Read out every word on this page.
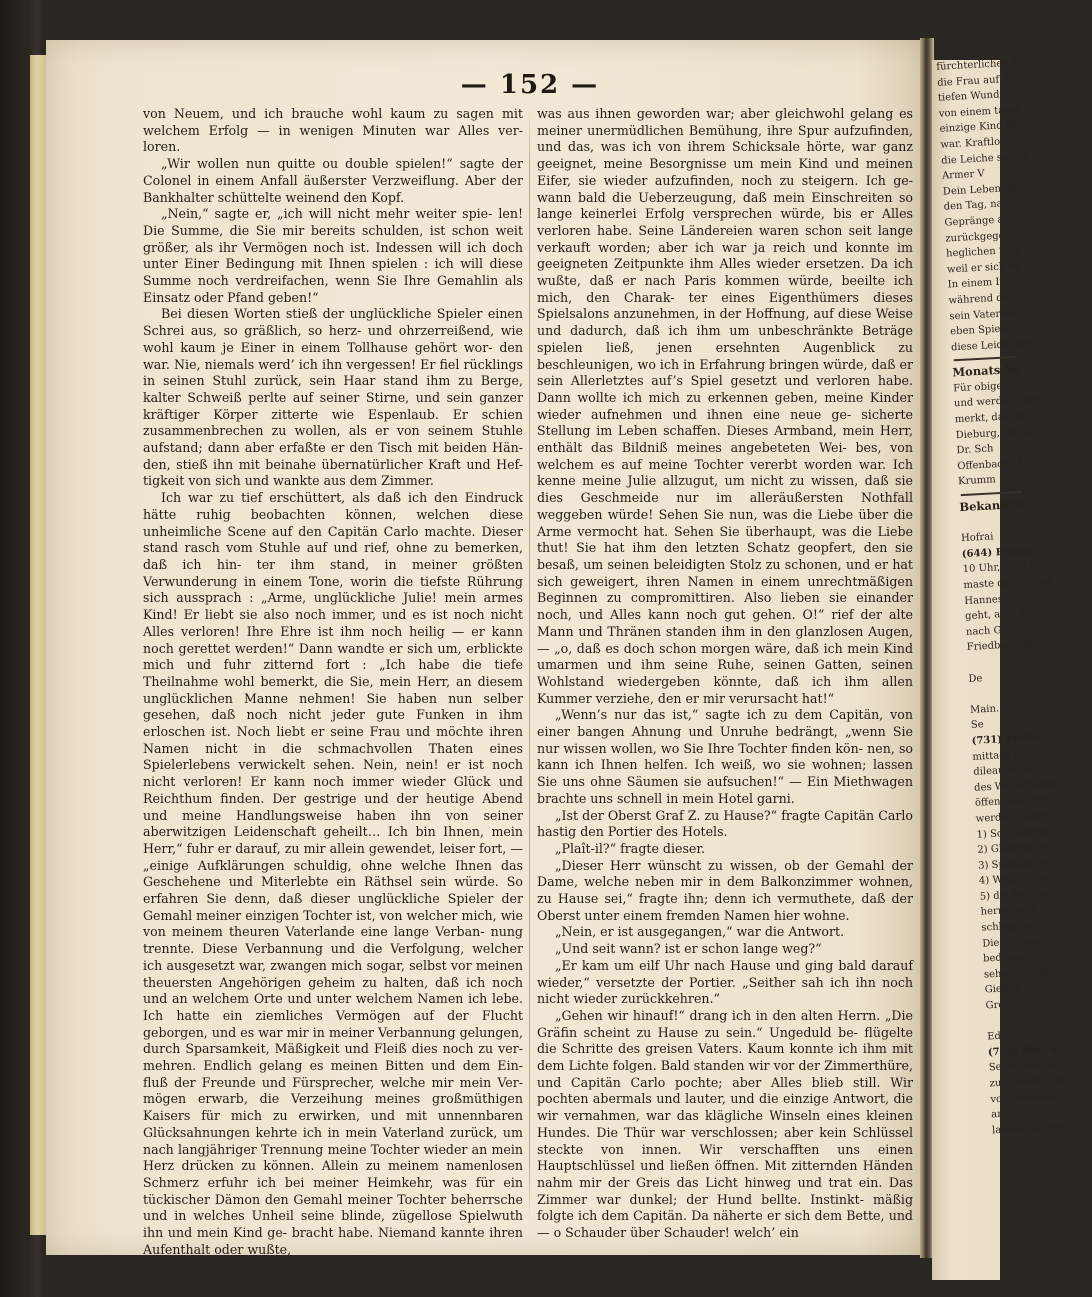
— 152 —

von Neuem, und ich brauche wohl kaum zu sagen mit welchem Erfolg — in wenigen Minuten war Alles ver- loren.

„Wir wollen nun quitte ou double spielen!“ sagte der Colonel in einem Anfall äußerster Verzweiflung. Aber der Bankhalter schüttelte weinend den Kopf.

„Nein,“ sagte er, „ich will nicht mehr weiter spie- len! Die Summe, die Sie mir bereits schulden, ist schon weit größer, als ihr Vermögen noch ist. Indessen will ich doch unter Einer Bedingung mit Ihnen spielen : ich will diese Summe noch verdreifachen, wenn Sie Ihre Gemahlin als Einsatz oder Pfand geben!“

Bei diesen Worten stieß der unglückliche Spieler einen Schrei aus, so gräßlich, so herz- und ohrzerreißend, wie wohl kaum je Einer in einem Tollhause gehört wor- den war. Nie, niemals werd’ ich ihn vergessen! Er fiel rücklings in seinen Stuhl zurück, sein Haar stand ihm zu Berge, kalter Schweiß perlte auf seiner Stirne, und sein ganzer kräftiger Körper zitterte wie Espenlaub. Er schien zusammenbrechen zu wollen, als er von seinem Stuhle aufstand; dann aber erfaßte er den Tisch mit beiden Hän- den, stieß ihn mit beinahe übernatürlicher Kraft und Hef- tigkeit von sich und wankte aus dem Zimmer.

Ich war zu tief erschüttert, als daß ich den Eindruck hätte ruhig beobachten können, welchen diese unheimliche Scene auf den Capitän Carlo machte. Dieser stand rasch vom Stuhle auf und rief, ohne zu bemerken, daß ich hin- ter ihm stand, in meiner größten Verwunderung in einem Tone, worin die tiefste Rührung sich aussprach : „Arme, unglückliche Julie! mein armes Kind! Er liebt sie also noch immer, und es ist noch nicht Alles verloren! Ihre Ehre ist ihm noch heilig — er kann noch gerettet werden!“ Dann wandte er sich um, erblickte mich und fuhr zitternd fort : „Ich habe die tiefe Theilnahme wohl bemerkt, die Sie, mein Herr, an diesem unglücklichen Manne nehmen! Sie haben nun selber gesehen, daß noch nicht jeder gute Funken in ihm erloschen ist. Noch liebt er seine Frau und möchte ihren Namen nicht in die schmachvollen Thaten eines Spielerlebens verwickelt sehen. Nein, nein! er ist noch nicht verloren! Er kann noch immer wieder Glück und Reichthum finden. Der gestrige und der heutige Abend und meine Handlungsweise haben ihn von seiner aberwitzigen Leidenschaft geheilt… Ich bin Ihnen, mein Herr,“ fuhr er darauf, zu mir allein gewendet, leiser fort, — „einige Aufklärungen schuldig, ohne welche Ihnen das Geschehene und Miterlebte ein Räthsel sein würde. So erfahren Sie denn, daß dieser unglückliche Spieler der Gemahl meiner einzigen Tochter ist, von welcher mich, wie von meinem theuren Vaterlande eine lange Verban- nung trennte. Diese Verbannung und die Verfolgung, welcher ich ausgesetzt war, zwangen mich sogar, selbst vor meinen theuersten Angehörigen geheim zu halten, daß ich noch und an welchem Orte und unter welchem Namen ich lebe. Ich hatte ein ziemliches Vermögen auf der Flucht geborgen, und es war mir in meiner Verbannung gelungen, durch Sparsamkeit, Mäßigkeit und Fleiß dies noch zu ver- mehren. Endlich gelang es meinen Bitten und dem Ein- fluß der Freunde und Fürsprecher, welche mir mein Ver- mögen erwarb, die Verzeihung meines großmüthigen Kaisers für mich zu erwirken, und mit unnennbaren Glücksahnungen kehrte ich in mein Vaterland zurück, um nach langjähriger Trennung meine Tochter wieder an mein Herz drücken zu können. Allein zu meinem namenlosen Schmerz erfuhr ich bei meiner Heimkehr, was für ein tückischer Dämon den Gemahl meiner Tochter beherrsche und in welches Unheil seine blinde, zügellose Spielwuth ihn und mein Kind ge- bracht habe. Niemand kannte ihren Aufenthalt oder wußte,

was aus ihnen geworden war; aber gleichwohl gelang es meiner unermüdlichen Bemühung, ihre Spur aufzufinden, und das, was ich von ihrem Schicksale hörte, war ganz geeignet, meine Besorgnisse um mein Kind und meinen Eifer, sie wieder aufzufinden, noch zu steigern. Ich ge- wann bald die Ueberzeugung, daß mein Einschreiten so lange keinerlei Erfolg versprechen würde, bis er Alles verloren habe. Seine Ländereien waren schon seit lange verkauft worden; aber ich war ja reich und konnte im geeigneten Zeitpunkte ihm Alles wieder ersetzen. Da ich wußte, daß er nach Paris kommen würde, beeilte ich mich, den Charak- ter eines Eigenthümers dieses Spielsalons anzunehmen, in der Hoffnung, auf diese Weise und dadurch, daß ich ihm um unbeschränkte Beträge spielen ließ, jenen ersehnten Augenblick zu beschleunigen, wo ich in Erfahrung bringen würde, daß er sein Allerletztes auf’s Spiel gesetzt und verloren habe. Dann wollte ich mich zu erkennen geben, meine Kinder wieder aufnehmen und ihnen eine neue ge- sicherte Stellung im Leben schaffen. Dieses Armband, mein Herr, enthält das Bildniß meines angebeteten Wei- bes, von welchem es auf meine Tochter vererbt worden war. Ich kenne meine Julie allzugut, um nicht zu wissen, daß sie dies Geschmeide nur im alleräußersten Nothfall weggeben würde! Sehen Sie nun, was die Liebe über die Arme vermocht hat. Sehen Sie überhaupt, was die Liebe thut! Sie hat ihm den letzten Schatz geopfert, den sie besaß, um seinen beleidigten Stolz zu schonen, und er hat sich geweigert, ihren Namen in einem unrechtmäßigen Beginnen zu compromittiren. Also lieben sie einander noch, und Alles kann noch gut gehen. O!“ rief der alte Mann und Thränen standen ihm in den glanzlosen Augen, — „o, daß es doch schon morgen wäre, daß ich mein Kind umarmen und ihm seine Ruhe, seinen Gatten, seinen Wohlstand wiedergeben könnte, daß ich ihm allen Kummer verziehe, den er mir verursacht hat!“

„Wenn’s nur das ist,“ sagte ich zu dem Capitän, von einer bangen Ahnung und Unruhe bedrängt, „wenn Sie nur wissen wollen, wo Sie Ihre Tochter finden kön- nen, so kann ich Ihnen helfen. Ich weiß, wo sie wohnen; lassen Sie uns ohne Säumen sie aufsuchen!“ — Ein Miethwagen brachte uns schnell in mein Hotel garni.

„Ist der Oberst Graf Z. zu Hause?“ fragte Capitän Carlo hastig den Portier des Hotels.

„Plaît-il?“ fragte dieser.

„Dieser Herr wünscht zu wissen, ob der Gemahl der Dame, welche neben mir in dem Balkonzimmer wohnen, zu Hause sei,“ fragte ihn; denn ich vermuthete, daß der Oberst unter einem fremden Namen hier wohne.

„Nein, er ist ausgegangen,“ war die Antwort.

„Und seit wann? ist er schon lange weg?“

„Er kam um eilf Uhr nach Hause und ging bald darauf wieder,“ versetzte der Portier. „Seither sah ich ihn noch nicht wieder zurückkehren.“

„Gehen wir hinauf!“ drang ich in den alten Herrn. „Die Gräfin scheint zu Hause zu sein.“ Ungeduld be- flügelte die Schritte des greisen Vaters. Kaum konnte ich ihm mit dem Lichte folgen. Bald standen wir vor der Zimmerthüre, und Capitän Carlo pochte; aber Alles blieb still. Wir pochten abermals und lauter, und die einzige Antwort, die wir vernahmen, war das klägliche Winseln eines kleinen Hundes. Die Thür war verschlossen; aber kein Schlüssel steckte von innen. Wir verschafften uns einen Hauptschlüssel und ließen öffnen. Mit zitternden Händen nahm mir der Greis das Licht hinweg und trat ein. Das Zimmer war dunkel; der Hund bellte. Instinkt- mäßig folgte ich dem Capitän. Da näherte er sich dem Bette, und — o Schauder über Schauder! welch’ ein

fürchterlicher A
die Frau auf d
tiefen Wunde
von einem tadel
einzige Kind de
war. Kraftlos
die Leiche seiner
Armer V
Dein Leben ge
den Tag, nach
Gepränge auf
zurückgegeben v
heglichen Spie
weil er sich de
In einem Irre
während der L
sein Vaterland
eben Spieler!
diese Leidensch
Monats-Ve
Für obige
und werden hierd
merkt, daß der
Dieburg, im La
Dr. Sch
Offenbach (Ztl.
Krumm 1 fl.; D.
Bekanntm
Hofrai
(644) Freitag
10 Uhr, wird i
maste der hiesige
Hannes Koch'schen
geht, als : Wohn
nach Gärtchen,
Friedberg den
De
Main.
Se
(731) Freita
mittags um 9 U
dileau dahier d
des Werkstätten
öffentliche Vers
werden losweis
1) Schreinerarb
2) Glaserarbei
3) Spenglerarbe
4) Weißbinderar
5) die Fertigung
herrahmen an
schlagt zu
Die Voranschl
bedingungen kön
sehen werden.
Gießen am
Gro
Edi
(776) Alle, w
Seidel von Gie
zu Allendorf in
von diesem an
am 25. Juli
lassen Tochter
